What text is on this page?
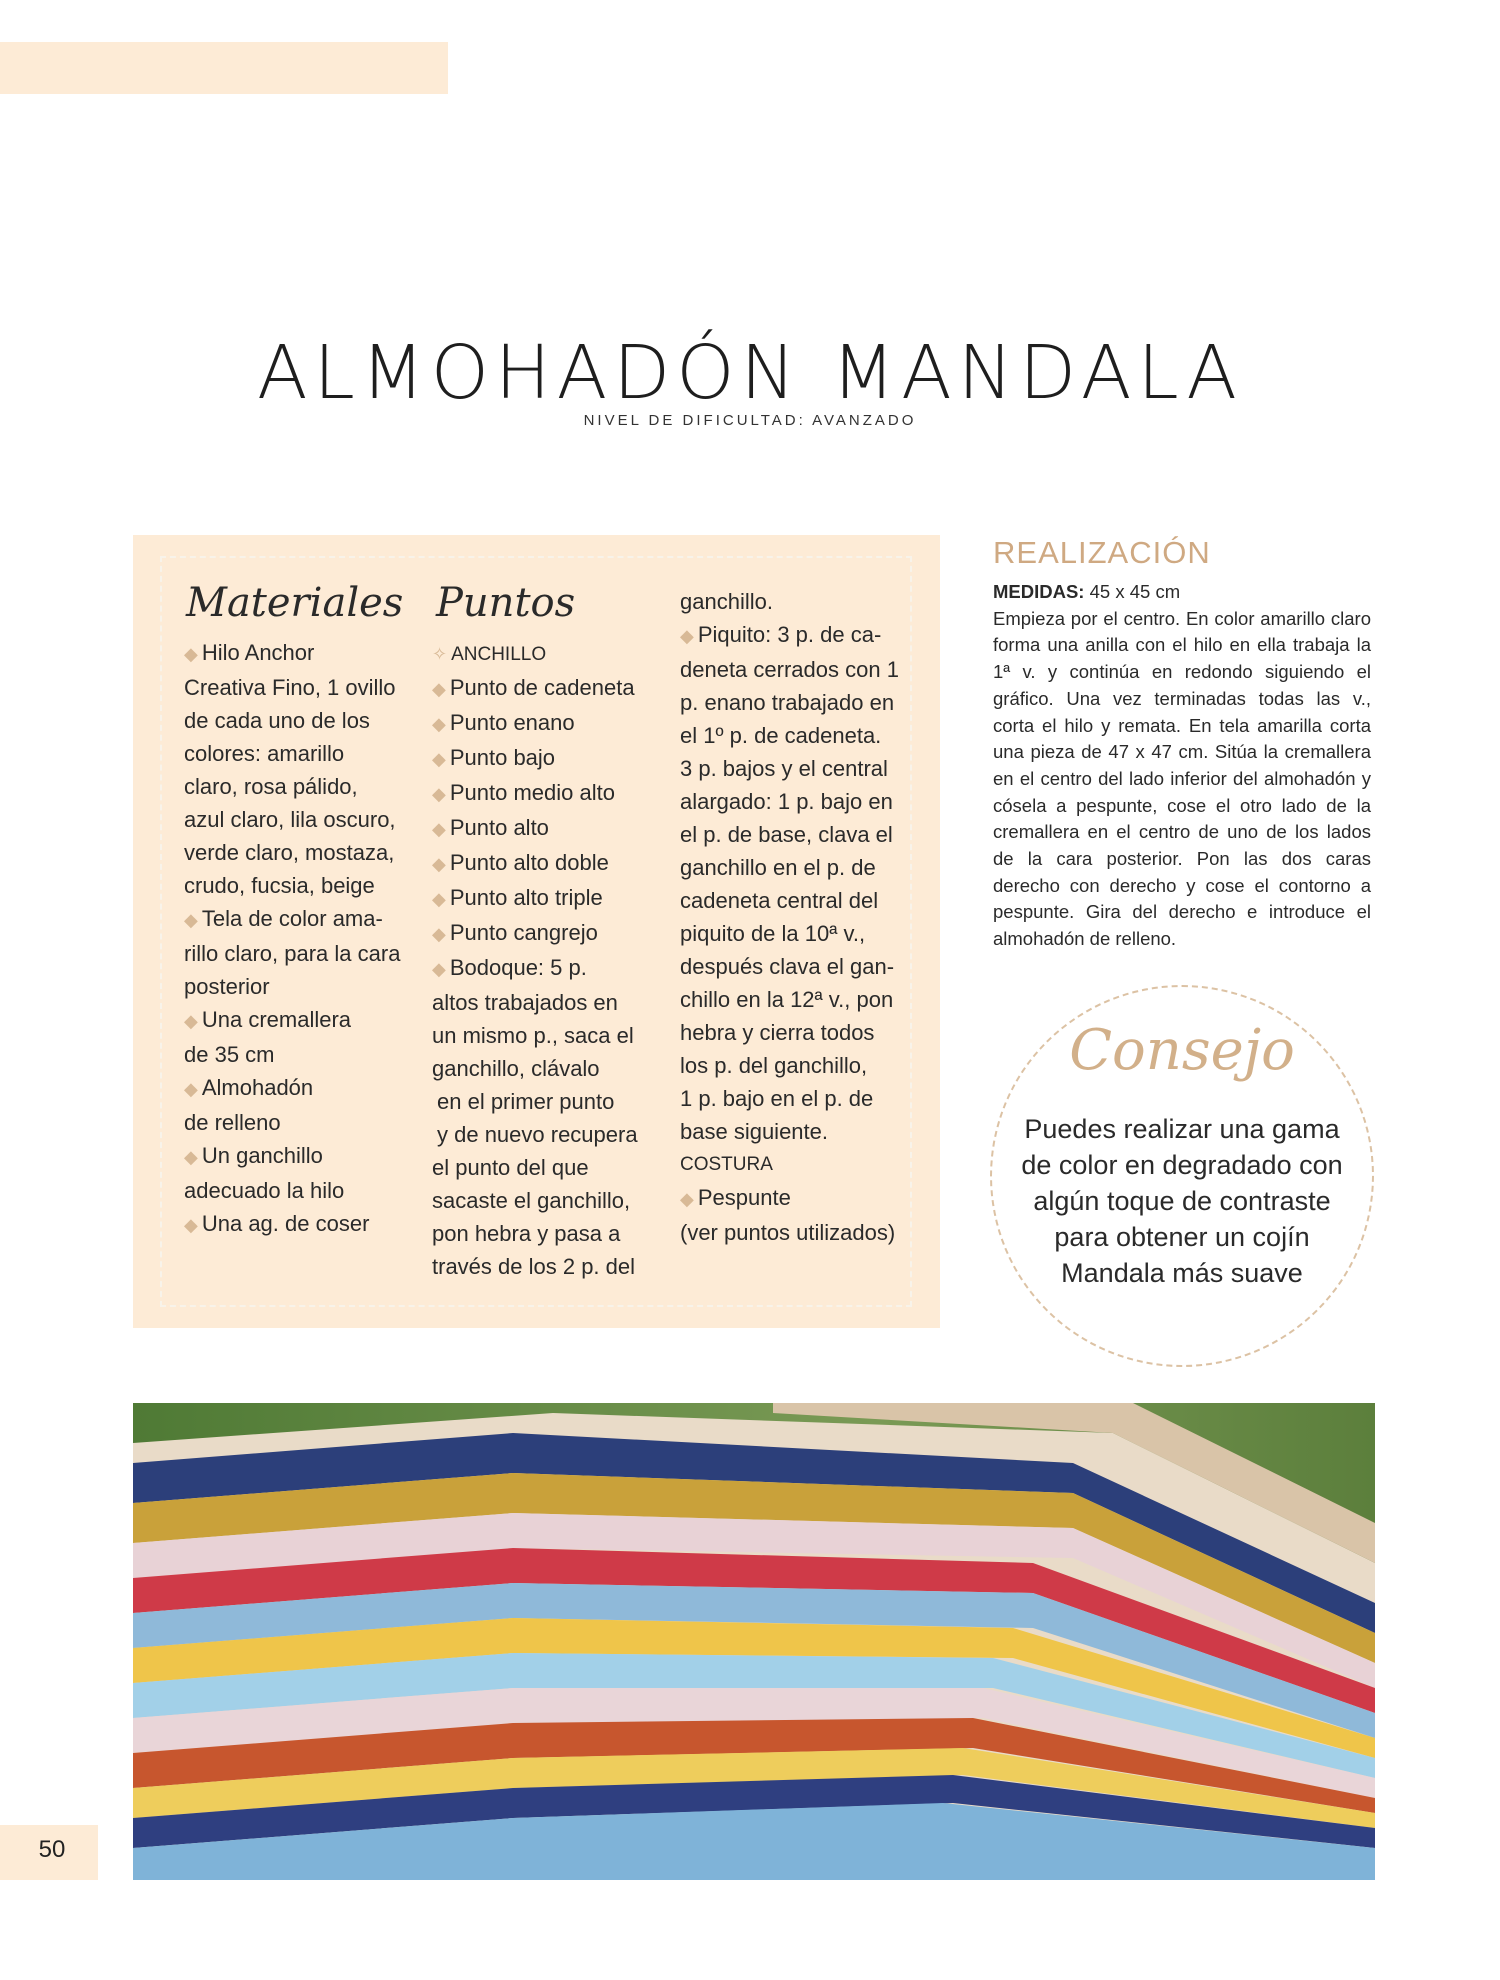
ALMOHADÓN MANDALA
NIVEL DE DIFICULTAD: AVANZADO
Materiales Puntos
◆ Hilo Anchor
Creativa Fino, 1 ovillo
de cada uno de los
colores: amarillo
claro, rosa pálido,
azul claro, lila oscuro,
verde claro, mostaza,
crudo, fucsia, beige
◆ Tela de color ama-
rillo claro, para la cara
posterior
◆ Una cremallera
de 35 cm
◆ Almohadón
de relleno
◆ Un ganchillo
adecuado la hilo
◆ Una ag. de coser
✧ ANCHILLO
◆ Punto de cadeneta
◆ Punto enano
◆ Punto bajo
◆ Punto medio alto
◆ Punto alto
◆ Punto alto doble
◆ Punto alto triple
◆ Punto cangrejo
◆ Bodoque: 5 p.
altos trabajados en
un mismo p., saca el
ganchillo, clávalo
en el primer punto
y de nuevo recupera
el punto del que
sacaste el ganchillo,
pon hebra y pasa a
través de los 2 p. del
ganchillo.
◆ Piquito: 3 p. de ca-
deneta cerrados con 1
p. enano trabajado en
el 1º p. de cadeneta.
3 p. bajos y el central
alargado: 1 p. bajo en
el p. de base, clava el
ganchillo en el p. de
cadeneta central del
piquito de la 10ª v.,
después clava el gan-
chillo en la 12ª v., pon
hebra y cierra todos
los p. del ganchillo,
1 p. bajo en el p. de
base siguiente.
COSTURA
◆ Pespunte
(ver puntos utilizados)
REALIZACIÓN
MEDIDAS: 45 x 45 cm
Empieza por el centro. En color amarillo claro forma una anilla con el hilo en ella trabaja la 1ª v. y continúa en redondo siguiendo el gráfico. Una vez terminadas todas las v., corta el hilo y remata. En tela amarilla corta una pieza de 47 x 47 cm. Sitúa la cremallera en el centro del lado inferior del almohadón y cósela a pespunte, cose el otro lado de la cremallera en el centro de uno de los lados de la cara posterior. Pon las dos caras derecho con derecho y cose el contorno a pespunte. Gira del derecho e introduce el almohadón de relleno.
Consejo
Puedes realizar una gama de color en degradado con algún toque de contraste para obtener un cojín Mandala más suave
50
